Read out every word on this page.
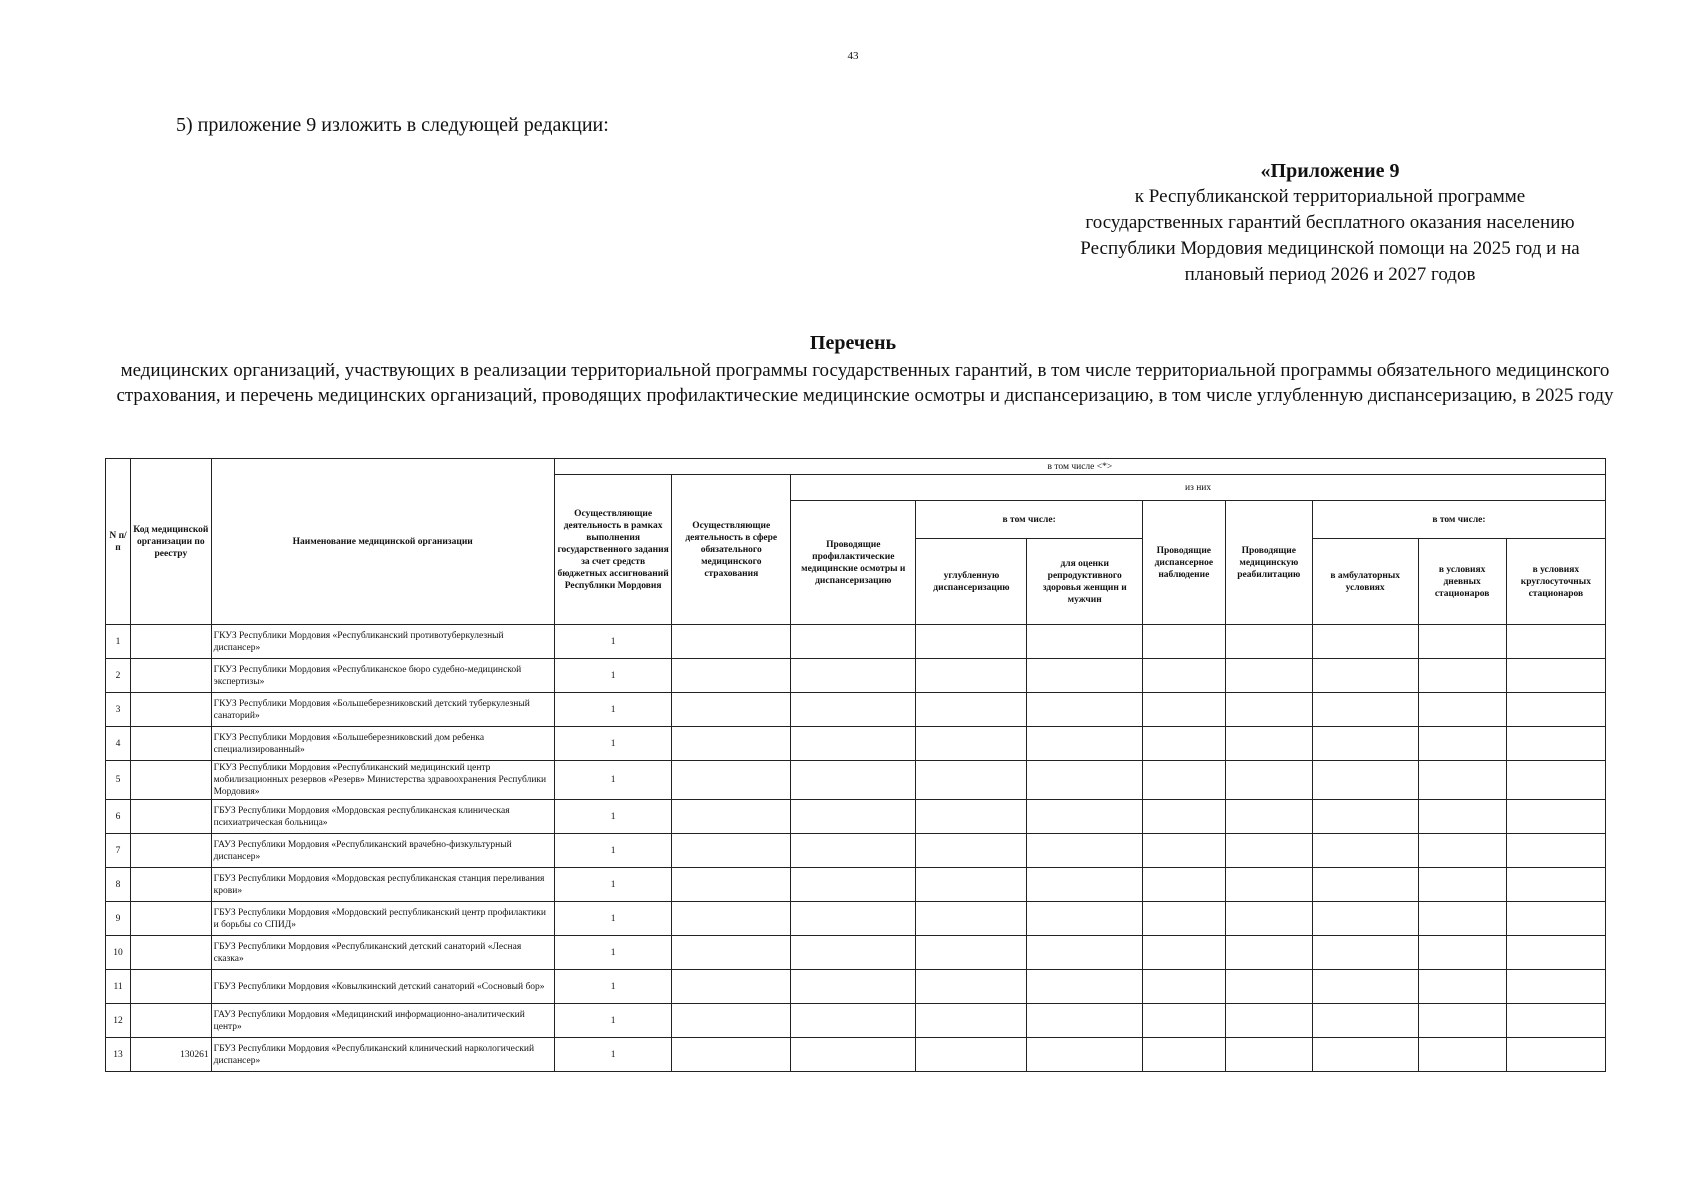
43
5) приложение 9 изложить в следующей редакции:
«Приложение 9
к Республиканской территориальной программе
государственных гарантий бесплатного оказания населению
Республики Мордовия медицинской помощи на 2025 год и на
плановый период 2026 и 2027 годов
Перечень
медицинских организаций, участвующих в реализации территориальной программы государственных гарантий, в том числе территориальной программы обязательного медицинского страхования, и перечень медицинских организаций, проводящих профилактические медицинские осмотры и диспансеризацию, в том числе углубленную диспансеризацию, в 2025 году
N п/п	Код медицинской организации по реестру	Наименование медицинской организации	в том числе <*>									
			Осуществляющие деятельность в рамках выполнения государственного задания за счет средств бюджетных ассигнований Республики Мордовия	Осуществляющие деятельность в сфере обязательного медицинского страхования	из них							
					Проводящие профилактические медицинские осмотры и диспансеризацию	в том числе:		Проводящие диспансерное наблюдение	Проводящие медицинскую реабилитацию	в том числе:		
						углубленную диспансеризацию	для оценки репродуктивного здоровья женщин и мужчин			в амбулаторных условиях	в условиях дневных стационаров	в условиях круглосуточных стационаров
1		ГКУЗ Республики Мордовия «Республиканский противотуберкулезный диспансер»	1									
2		ГКУЗ Республики Мордовия «Республиканское бюро судебно-медицинской экспертизы»	1									
3		ГКУЗ Республики Мордовия «Большеберезниковский детский туберкулезный санаторий»	1									
4		ГКУЗ Республики Мордовия «Большеберезниковский дом ребенка специализированный»	1									
5		ГКУЗ Республики Мордовия «Республиканский медицинский центр мобилизационных резервов «Резерв» Министерства здравоохранения Республики Мордовия»	1									
6		ГБУЗ Республики Мордовия «Мордовская республиканская клиническая психиатрическая больница»	1									
7		ГАУЗ Республики Мордовия «Республиканский врачебно-физкультурный диспансер»	1									
8		ГБУЗ Республики Мордовия «Мордовская республиканская станция переливания крови»	1									
9		ГБУЗ Республики Мордовия «Мордовский республиканский центр профилактики и борьбы со СПИД»	1									
10		ГБУЗ Республики Мордовия «Республиканский детский санаторий «Лесная сказка»	1									
11		ГБУЗ Республики Мордовия «Ковылкинский детский санаторий «Сосновый бор»	1									
12		ГАУЗ Республики Мордовия «Медицинский информационно-аналитический центр»	1									
13	130261	ГБУЗ Республики Мордовия «Республиканский клинический наркологический диспансер»	1									
